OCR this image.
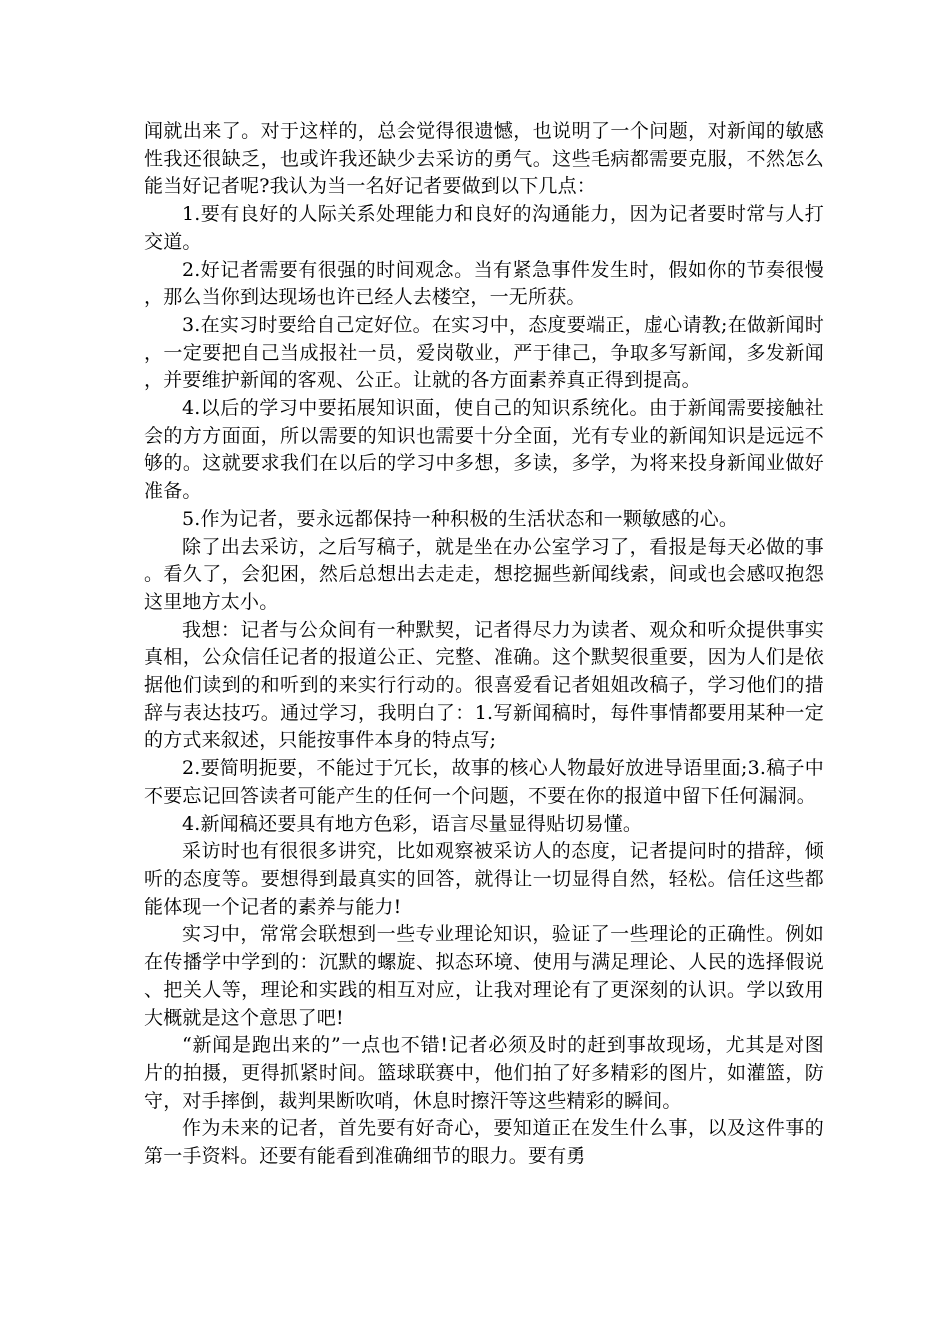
闻就出来了。对于这样的，总会觉得很遗憾，也说明了一个问题，对新闻的敏感性我还很缺乏，也或许我还缺少去采访的勇气。这些毛病都需要克服，不然怎么能当好记者呢?我认为当一名好记者要做到以下几点：

1.要有良好的人际关系处理能力和良好的沟通能力，因为记者要时常与人打交道。

2.好记者需要有很强的时间观念。当有紧急事件发生时，假如你的节奏很慢，那么当你到达现场也许已经人去楼空，一无所获。

3.在实习时要给自己定好位。在实习中，态度要端正，虚心请教;在做新闻时，一定要把自己当成报社一员，爱岗敬业，严于律己，争取多写新闻，多发新闻，并要维护新闻的客观、公正。让就的各方面素养真正得到提高。

4.以后的学习中要拓展知识面，使自己的知识系统化。由于新闻需要接触社会的方方面面，所以需要的知识也需要十分全面，光有专业的新闻知识是远远不够的。这就要求我们在以后的学习中多想，多读，多学，为将来投身新闻业做好准备。

5.作为记者，要永远都保持一种积极的生活状态和一颗敏感的心。

除了出去采访，之后写稿子，就是坐在办公室学习了，看报是每天必做的事。看久了，会犯困，然后总想出去走走，想挖掘些新闻线索，间或也会感叹抱怨这里地方太小。

我想：记者与公众间有一种默契，记者得尽力为读者、观众和听众提供事实真相，公众信任记者的报道公正、完整、准确。这个默契很重要，因为人们是依据他们读到的和听到的来实行行动的。很喜爱看记者姐姐改稿子，学习他们的措辞与表达技巧。通过学习，我明白了：1.写新闻稿时，每件事情都要用某种一定的方式来叙述，只能按事件本身的特点写;

2.要简明扼要，不能过于冗长，故事的核心人物最好放进导语里面;3.稿子中不要忘记回答读者可能产生的任何一个问题，不要在你的报道中留下任何漏洞。

4.新闻稿还要具有地方色彩，语言尽量显得贴切易懂。

采访时也有很很多讲究，比如观察被采访人的态度，记者提问时的措辞，倾听的态度等。要想得到最真实的回答，就得让一切显得自然，轻松。信任这些都能体现一个记者的素养与能力!

实习中，常常会联想到一些专业理论知识，验证了一些理论的正确性。例如在传播学中学到的：沉默的螺旋、拟态环境、使用与满足理论、人民的选择假说、把关人等，理论和实践的相互对应，让我对理论有了更深刻的认识。学以致用大概就是这个意思了吧!

“新闻是跑出来的”一点也不错!记者必须及时的赶到事故现场，尤其是对图片的拍摄，更得抓紧时间。篮球联赛中，他们拍了好多精彩的图片，如灌篮，防守，对手摔倒，裁判果断吹哨，休息时擦汗等这些精彩的瞬间。

作为未来的记者，首先要有好奇心，要知道正在发生什么事，以及这件事的第一手资料。还要有能看到准确细节的眼力。要有勇
